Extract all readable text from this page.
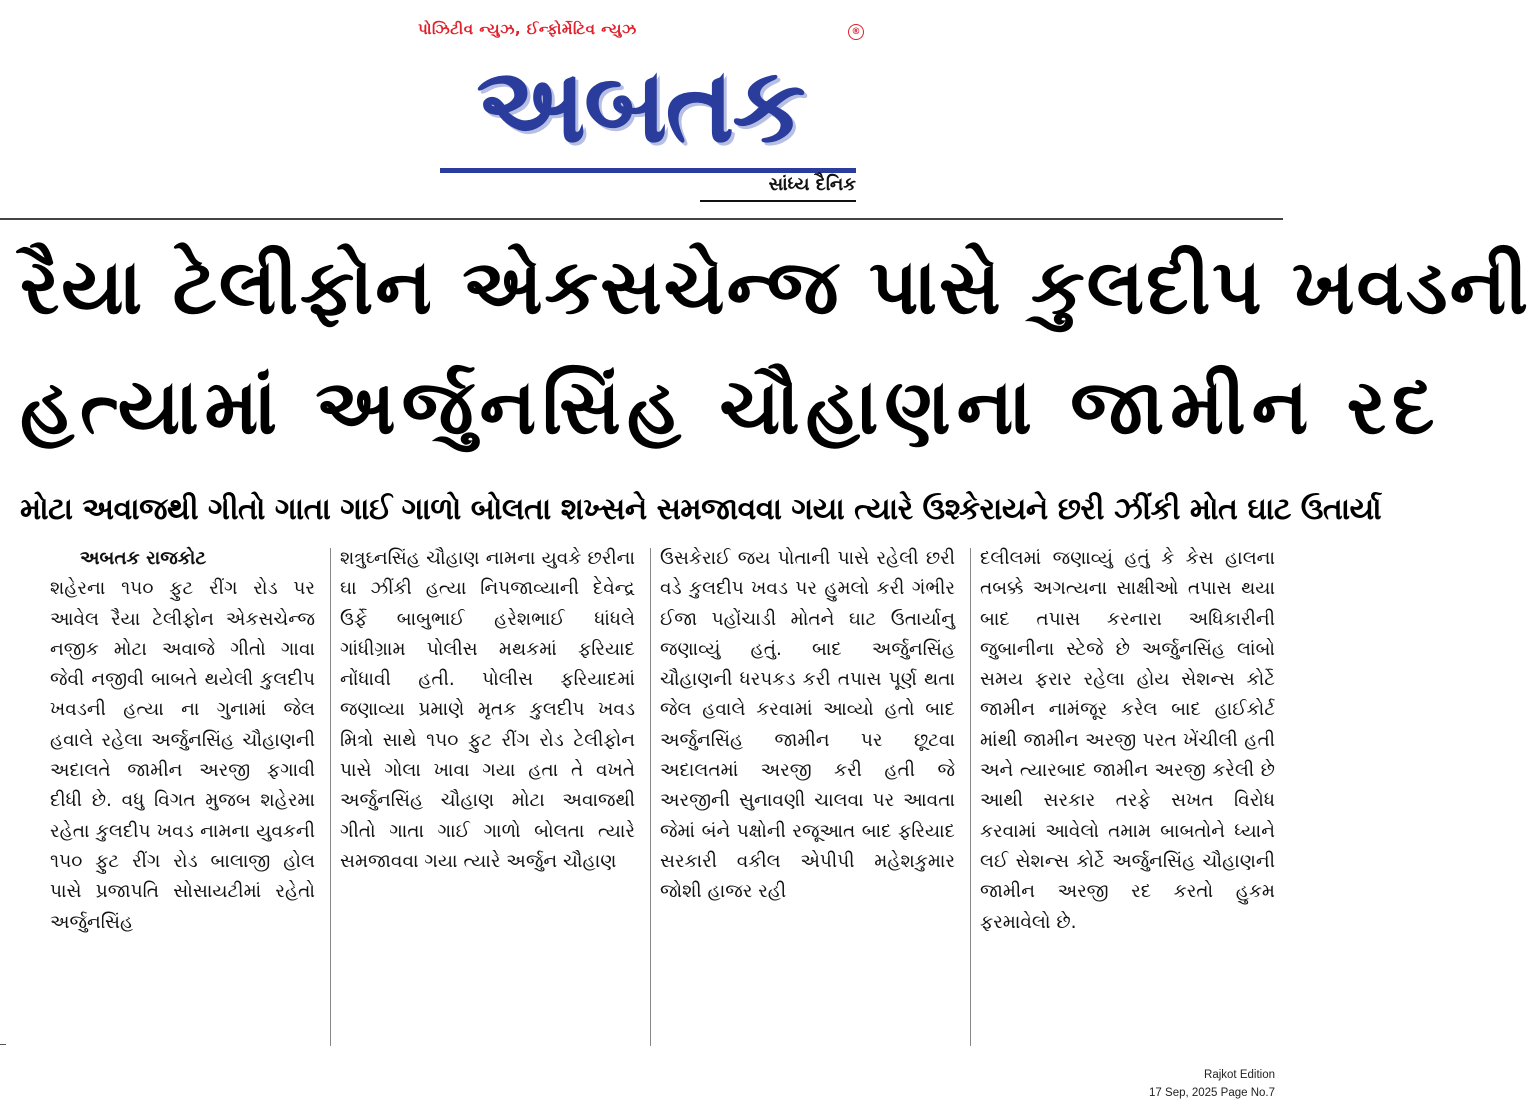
પોઝિટીવ ન્યુઝ, ઈન્ફોર્મેટિવ ન્યુઝ	®
અબતક
સાંધ્ય દૈનિક
રૈયા ટેલીફોન એકસચેન્જ પાસે કુલદીપ ખવડની
હત્યામાં અર્જુનસિંહ ચૌહાણના જામીન રદ
મોટા અવાજથી ગીતો ગાતા ગાઈ ગાળો બોલતા શખ્સને સમજાવવા ગયા ત્યારે ઉશ્કેરાયને છરી ઝીંકી મોત ઘાટ ઉતાર્યા
અબતક રાજકોટ

શહેરના ૧૫૦ ફુટ રીંગ રોડ પર આવેલ રૈયા ટેલીફોન એકસચેન્જ નજીક મોટા અવાજે ગીતો ગાવા જેવી નજીવી બાબતે થયેલી કુલદીપ ખવડની હત્યા ના ગુનામાં જેલ હવાલે રહેલા અર્જુનસિંહ ચૌહાણની અદાલતે જામીન અરજી ફગાવી દીધી છે. વધુ વિગત મુજબ શહેરમા રહેતા કુલદીપ ખવડ નામના યુવકની ૧૫૦ ફુટ રીંગ રોડ બાલાજી હોલ પાસે પ્રજાપતિ સોસાયટીમાં રહેતો અર્જુનસિંહ

શત્રુઘ્નસિંહ ચૌહાણ નામના યુવકે છરીના ઘા ઝીંકી હત્યા નિપજાવ્યાની દેવેન્દ્ર ઉર્ફે બાબુભાઈ હરેશભાઈ ધાંધલે ગાંધીગ્રામ પોલીસ મથકમાં ફરિયાદ નોંધાવી હતી. પોલીસ ફરિયાદમાં જણાવ્યા પ્રમાણે મૃતક કુલદીપ ખવડ મિત્રો સાથે ૧૫૦ ફુટ રીંગ રોડ ટેલીફોન પાસે ગોલા ખાવા ગયા હતા તે વખતે અર્જુનસિંહ ચૌહાણ મોટા અવાજથી ગીતો ગાતા ગાઈ ગાળો બોલતા ત્યારે સમજાવવા ગયા ત્યારે અર્જુન ચૌહાણ

ઉસકેરાઈ જય પોતાની પાસે રહેલી છરી વડે કુલદીપ ખવડ પર હુમલો કરી ગંભીર ઈજા પહોંચાડી મોતને ઘાટ ઉતાર્યાનુ જણાવ્યું હતું. બાદ અર્જુનસિંહ ચૌહાણની ધરપકડ કરી તપાસ પૂર્ણ થતા જેલ હવાલે કરવામાં આવ્યો હતો બાદ અર્જુનસિંહ જામીન પર છૂટવા અદાલતમાં અરજી કરી હતી જે અરજીની સુનાવણી ચાલવા પર આવતા જેમાં બંને પક્ષોની રજૂઆત બાદ ફરિયાદ સરકારી વકીલ એપીપી મહેશકુમાર જોશી હાજર રહી

દલીલમાં જણાવ્યું હતું કે કેસ હાલના તબક્કે અગત્યના સાક્ષીઓ તપાસ થયા બાદ તપાસ કરનારા અધિકારીની જુબાનીના સ્ટેજે છે અર્જુનસિંહ લાંબો સમય ફરાર રહેલા હોય સેશન્સ કોર્ટે જામીન નામંજૂર કરેલ બાદ હાઈકોર્ટ માંથી જામીન અરજી પરત ખેંચીલી હતી અને ત્યારબાદ જામીન અરજી કરેલી છે આથી સરકાર તરફે સખત વિરોધ કરવામાં આવેલો તમામ બાબતોને ધ્યાને લઈ સેશન્સ કોર્ટે અર્જુનસિંહ ચૌહાણની જામીન અરજી રદ કરતો હુકમ ફરમાવેલો છે.

Rajkot Edition
17 Sep, 2025 Page No.7
